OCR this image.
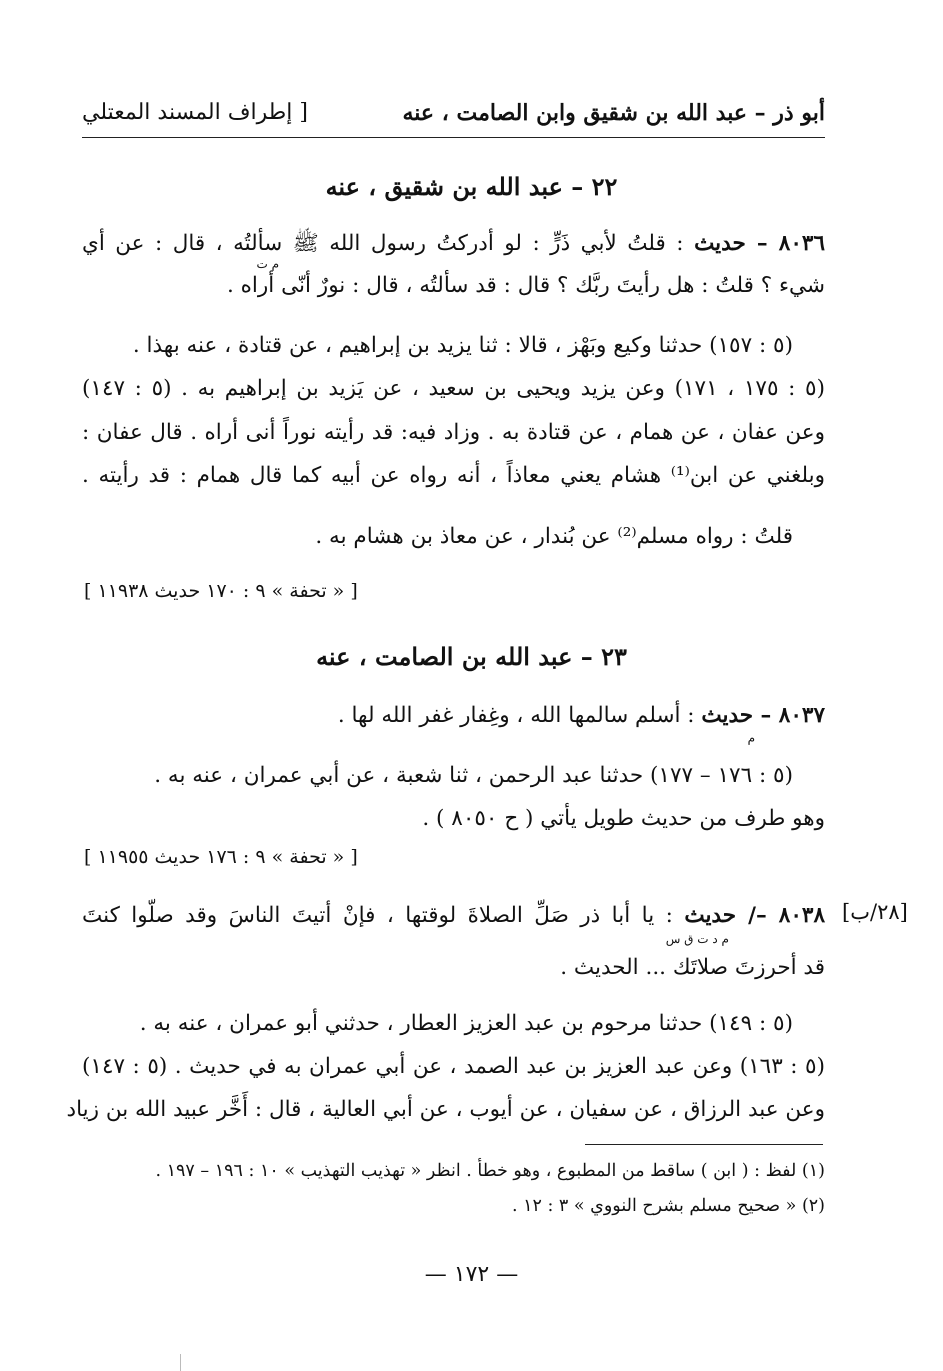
أبو ذر – عبد الله بن شقيق وابن الصامت ، عنه
[ إطراف المسند المعتلي
٢٢ – عبد الله بن شقيق ، عنه
٨٠٣٦ – حديث : قلتُ لأبي ذَرٍّ : لو أدركتُ رسول الله ﷺ سألتُه ، قال : عن أي
م ت
شيء ؟ قلتُ : هل رأيتَ ربَّك ؟ قال : قد سألتُه ، قال : نورٌ أنّى أراه .
(٥ : ١٥٧) حدثنا وكيع وبَهْز ، قالا : ثنا يزيد بن إبراهيم ، عن قتادة ، عنه بهذا .
(٥ : ١٧٥ ، ١٧١) وعن يزيد ويحيى بن سعيد ، عن يَزيد بن إبراهيم به . (٥ : ١٤٧)
وعن عفان ، عن همام ، عن قتادة به . وزاد فيه: قد رأيته نوراً أنى أراه . قال عفان :
وبلغني عن ابن⁽¹⁾ هشام يعني معاذاً ، أنه رواه عن أبيه كما قال همام : قد رأيته .
قلتُ : رواه مسلم⁽²⁾ عن بُندار ، عن معاذ بن هشام به .
[ « تحفة » ٩ : ١٧٠ حديث ١١٩٣٨ ]
٢٣ – عبد الله بن الصامت ، عنه
٨٠٣٧ – حديث : أسلم سالمها الله ، وغِفار غفر الله لها .
م
(٥ : ١٧٦ – ١٧٧) حدثنا عبد الرحمن ، ثنا شعبة ، عن أبي عمران ، عنه به .
وهو طرف من حديث طويل يأتي ( ح ٨٠٥٠ ) .
[ « تحفة » ٩ : ١٧٦ حديث ١١٩٥٥ ]
[٢٨/ب]
٨٠٣٨ –/ حديث : يا أبا ذر صَلِّ الصلاةَ لوقتها ، فإنْ أتيتَ الناسَ وقد صلّوا كنتَ
م د ت ق س
قد أحرزتَ صلاتَك ... الحديث .
(٥ : ١٤٩) حدثنا مرحوم بن عبد العزيز العطار ، حدثني أبو عمران ، عنه به .
(٥ : ١٦٣) وعن عبد العزيز بن عبد الصمد ، عن أبي عمران به في حديث . (٥ : ١٤٧)
وعن عبد الرزاق ، عن سفيان ، عن أيوب ، عن أبي العالية ، قال : أَخَّر عبيد الله بن زياد
(١) لفظ : ( ابن ) ساقط من المطبوع ، وهو خطأ . انظر « تهذيب التهذيب » ١٠ : ١٩٦ – ١٩٧ .
(٢) « صحيح مسلم بشرح النووي » ٣ : ١٢ .
— ١٧٢ —
